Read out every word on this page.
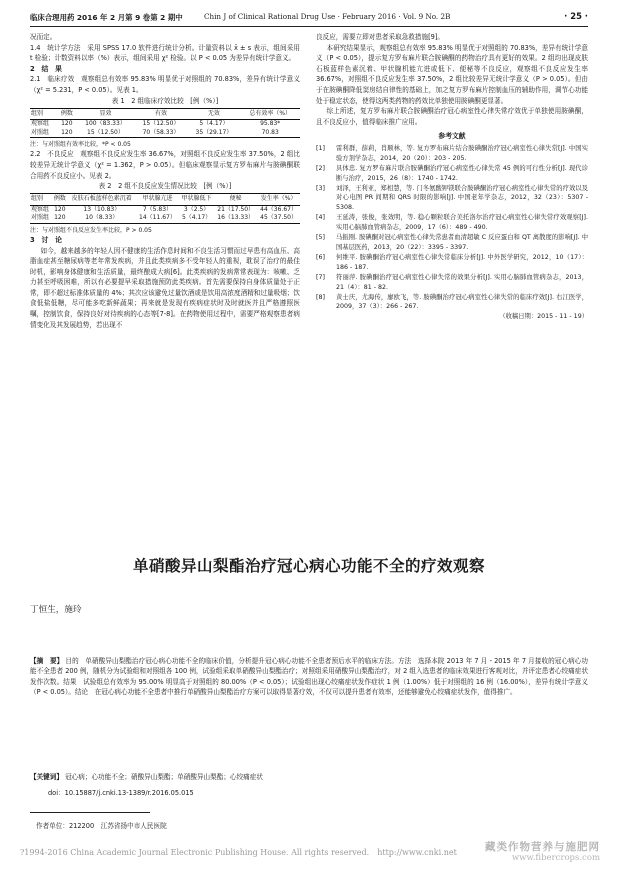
临床合理用药 2016 年 2 月第 9 卷第 2 期中	Chin J of Clinical Rational Drug Use · February 2016 · Vol. 9 No. 2B	· 25 ·

况而定。

1.4　统计学方法　采用 SPSS 17.0 软件进行统计分析。计量资料以 x̄ ± s 表示，组间采用 t 检验；计数资料以率（%）表示，组间采用 χ² 检验。以 P < 0.05 为差异有统计学意义。

2　结　果

2.1　临床疗效　观察组总有效率 95.83% 明显优于对照组的 70.83%，差异有统计学意义（χ² = 5.231，P < 0.05）。见表 1。

表 1　2 组临床疗效比较　[例（%）]
组别	例数	显效	有效	无效	总有效率（%）
观察组	120	100（83.33）	15（12.50）	5（4.17）	95.83*
对照组	120	15（12.50）	70（58.33）	35（29.17）	70.83
注：与对照组有效率比较，*P < 0.05

2.2　不良反应　观察组不良反应发生率 36.67%，对照组不良反应发生率 37.50%，2 组比较差异无统计学意义（χ² = 1.362，P > 0.05）。但临床观察显示复方罗布麻片与胺碘酮联合用药不良反应小。见表 2。

表 2　2 组不良反应发生情况比较　[例（%）]
组别	例数	皮肤石板蓝样色素沉着	甲状腺亢进	甲状腺低下	便秘	发生率（%）
观察组	120	13（10.83）	7（5.83）	3（2.5）	21（17.50）	44（36.67）
对照组	120	10（8.33）	14（11.67）	5（4.17）	16（13.33）	45（37.50）
注：与对照组不良反应发生率比较，P > 0.05
3　讨　论

如今，越来越多的年轻人因不健康的生活作息时间和不良生活习惯而过早患有高血压、高脂血症甚至糖尿病等老年常发疾病，并且此类疾病多不受年轻人的重视，耽误了治疗的最佳时机，影响身体健康和生活质量，最终酿成大病[6]。此类疾病的发病常常表现为：咳嗽、乏力甚至呼吸困难，所以有必要提早采取措施预防此类疾病。首先需要保持自身体质量处于正常，即不超过标准体质量的 4%；其次应该避免过量饮酒或是饮用高浓度酒精和过量吸烟；饮食低盐低糖，尽可能多吃新鲜蔬果；再来就是发现有疾病症状时及时就医并且严格遵照医嘱，控制饮食，保持良好对待疾病的心态等[7-8]。在药物使用过程中，需要严格观察患者病情变化及其发展趋势，若出现不

良反应，需要立即对患者采取急救措施[9]。

本研究结果显示，观察组总有效率 95.83% 明显优于对照组的 70.83%，差异有统计学意义（P < 0.05），提示复方罗布麻片联合胺碘酮的药物治疗具有更好的效果。2 组均出现皮肤石板蓝样色素沉着、甲状腺机能亢进或低下、便秘等不良反应，观察组不良反应发生率 36.67%，对照组不良反应发生率 37.50%，2 组比较差异无统计学意义（P > 0.05）。但由于在胺碘酮降低窦房结自律性的基础上，加之复方罗布麻片控制血压的辅助作用，调节心功能处于稳定状态，使得这两类药物的药效比单独使用胺碘酮更显著。

综上所述，复方罗布麻片联合胺碘酮治疗冠心病室性心律失常疗效优于单独使用胺碘酮，且不良反应小，值得临床推广应用。

参考文献
[1]	雷利群，薛莉，肖顺林，等. 复方罗布麻片结合胺碘酮治疗冠心病室性心律失常[J]. 中国实验方剂学杂志，2014，20（20）：203 - 205.
[2]	具体忠. 复方罗布麻片联合胺碘酮治疗冠心病室性心律失常 45 例的可行性分析[J]. 现代诊断与治疗，2015，26（8）：1740 - 1742.
[3]	刘泽，王利亚，郑相慧，等. 门冬氨酸钾镁联合胺碘酮治疗冠心病室性心律失常的疗效以及对心电图 PR 间期和 QRS 时限的影响[J]. 中国老年学杂志，2012，32（23）：5307 - 5308.
[4]	王延涛，张俊，张效明，等. 稳心颗粒联合美托洛尔治疗冠心病室性心律失常疗效观察[J]. 实用心脑肺血管病杂志，2009，17（6）：489 - 490.
[5]	马振刚. 胺碘酮对冠心病室性心律失常患者血清超敏 C 反应蛋白和 QT 离散度的影响[J]. 中国基层医药，2013，20（22）：3395 - 3397.
[6]	何维平. 胺碘酮治疗冠心病室性心律失常临床分析[J]. 中外医学研究，2012，10（17）：186 - 187.
[7]	符丽萍. 胺碘酮治疗冠心病室性心律失常的效果分析[J]. 实用心脑肺血管病杂志，2013，21（4）：81 - 82.
[8]	黄士庆，尤海传，廖欧飞，等. 胺碘酮治疗冠心病室性心律失常的临床疗效[J]. 右江医学，2009，37（3）：266 - 267.
（收稿日期：2015 - 11 - 19）
单硝酸异山梨酯治疗冠心病心功能不全的疗效观察
丁恒生，施玲
【摘　要】 目的　单硝酸异山梨酯治疗冠心病心功能不全的临床价值，分析提升冠心病心功能不全患者预后水平的临床方法。方法　选择本院 2013 年 7 月 - 2015 年 7 月接收的冠心病心功能不全患者 200 例，随机分为试验组和对照组各 100 例，试验组采取单硝酸异山梨酯治疗；对照组采用硝酸异山梨酯治疗，对 2 组入选患者的临床效果进行客观对比，并评定患者心绞痛症状发作次数。结果　试验组总有效率为 95.00% 明显高于对照组的 80.00%（P < 0.05）；试验组出现心绞痛症状发作症状 1 例（1.00%）低于对照组的 16 例（16.00%），差异有统计学意义（P < 0.05）。结论　在冠心病心功能不全患者中推行单硝酸异山梨酯治疗方案可以取得显著疗效，不仅可以提升患者有效率，还能够避免心绞痛症状发作，值得推广。
【关键词】 冠心病；心功能不全；硝酸异山梨酯；单硝酸异山梨酯；心绞痛症状
doi：10.15887/j.cnki.13-1389/r.2016.05.015
作者单位：212200　江苏省扬中市人民医院
?1994-2016 China Academic Journal Electronic Publishing House. All rights reserved.　http://www.cnki.net	藏类作物营养与施肥网
www.fibercrops.com
